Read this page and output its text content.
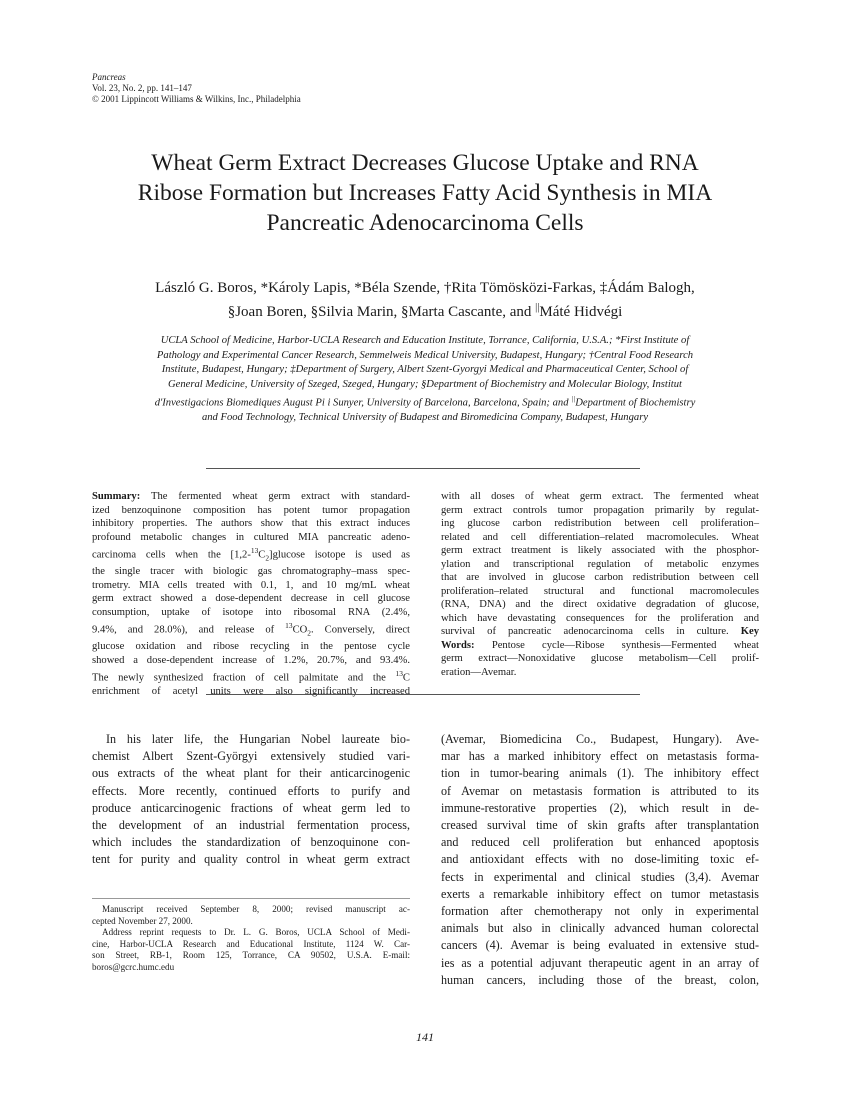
Pancreas
Vol. 23, No. 2, pp. 141–147
© 2001 Lippincott Williams & Wilkins, Inc., Philadelphia
Wheat Germ Extract Decreases Glucose Uptake and RNA
Ribose Formation but Increases Fatty Acid Synthesis in MIA
Pancreatic Adenocarcinoma Cells
László G. Boros, *Károly Lapis, *Béla Szende, †Rita Tömösközi-Farkas, ‡Ádám Balogh,
§Joan Boren, §Silvia Marin, §Marta Cascante, and ||Máté Hidvégi
UCLA School of Medicine, Harbor-UCLA Research and Education Institute, Torrance, California, U.S.A.; *First Institute of
Pathology and Experimental Cancer Research, Semmelweis Medical University, Budapest, Hungary; †Central Food Research
Institute, Budapest, Hungary; ‡Department of Surgery, Albert Szent-Gyorgyi Medical and Pharmaceutical Center, School of
General Medicine, University of Szeged, Szeged, Hungary; §Department of Biochemistry and Molecular Biology, Institut
d'Investigacions Biomediques August Pi i Sunyer, University of Barcelona, Barcelona, Spain; and ||Department of Biochemistry
and Food Technology, Technical University of Budapest and Biromedicina Company, Budapest, Hungary
Summary: The fermented wheat germ extract with standard-
ized benzoquinone composition has potent tumor propagation
inhibitory properties. The authors show that this extract induces
profound metabolic changes in cultured MIA pancreatic adeno-
carcinoma cells when the $[1,2-^{13}C_2]glucose$ isotope is used as
the single tracer with biologic gas chromatography–mass spec-
trometry. MIA cells treated with 0.1, 1, and 10 mg/mL wheat
germ extract showed a dose-dependent decrease in cell glucose
consumption, uptake of isotope into ribosomal RNA (2.4%,
9.4%, and 28.0%), and release of $^{13}CO_2$. Conversely, direct
glucose oxidation and ribose recycling in the pentose cycle
showed a dose-dependent increase of 1.2%, 20.7%, and 93.4%.
The newly synthesized fraction of cell palmitate and the $^{13}$C
enrichment of acetyl units were also significantly increased
with all doses of wheat germ extract. The fermented wheat
germ extract controls tumor propagation primarily by regulat-
ing glucose carbon redistribution between cell proliferation–
related and cell differentiation–related macromolecules. Wheat
germ extract treatment is likely associated with the phosphor-
ylation and transcriptional regulation of metabolic enzymes
that are involved in glucose carbon redistribution between cell
proliferation–related structural and functional macromolecules
(RNA, DNA) and the direct oxidative degradation of glucose,
which have devastating consequences for the proliferation and
survival of pancreatic adenocarcinoma cells in culture. Key
Words: Pentose cycle—Ribose synthesis—Fermented wheat
germ extract—Nonoxidative glucose metabolism—Cell prolif-
eration—Avemar.
In his later life, the Hungarian Nobel laureate bio-
chemist Albert Szent-Györgyi extensively studied vari-
ous extracts of the wheat plant for their anticarcinogenic
effects. More recently, continued efforts to purify and
produce anticarcinogenic fractions of wheat germ led to
the development of an industrial fermentation process,
which includes the standardization of benzoquinone con-
tent for purity and quality control in wheat germ extract
(Avemar, Biomedicina Co., Budapest, Hungary). Ave-
mar has a marked inhibitory effect on metastasis forma-
tion in tumor-bearing animals (1). The inhibitory effect
of Avemar on metastasis formation is attributed to its
immune-restorative properties (2), which result in de-
creased survival time of skin grafts after transplantation
and reduced cell proliferation but enhanced apoptosis
and antioxidant effects with no dose-limiting toxic ef-
fects in experimental and clinical studies (3,4). Avemar
exerts a remarkable inhibitory effect on tumor metastasis
formation after chemotherapy not only in experimental
animals but also in clinically advanced human colorectal
cancers (4). Avemar is being evaluated in extensive stud-
ies as a potential adjuvant therapeutic agent in an array of
human cancers, including those of the breast, colon,
Manuscript received September 8, 2000; revised manuscript ac-
cepted November 27, 2000.
Address reprint requests to Dr. L. G. Boros, UCLA School of Medi-
cine, Harbor-UCLA Research and Educational Institute, 1124 W. Car-
son Street, RB-1, Room 125, Torrance, CA 90502, U.S.A. E-mail:
boros@gcrc.humc.edu
141
